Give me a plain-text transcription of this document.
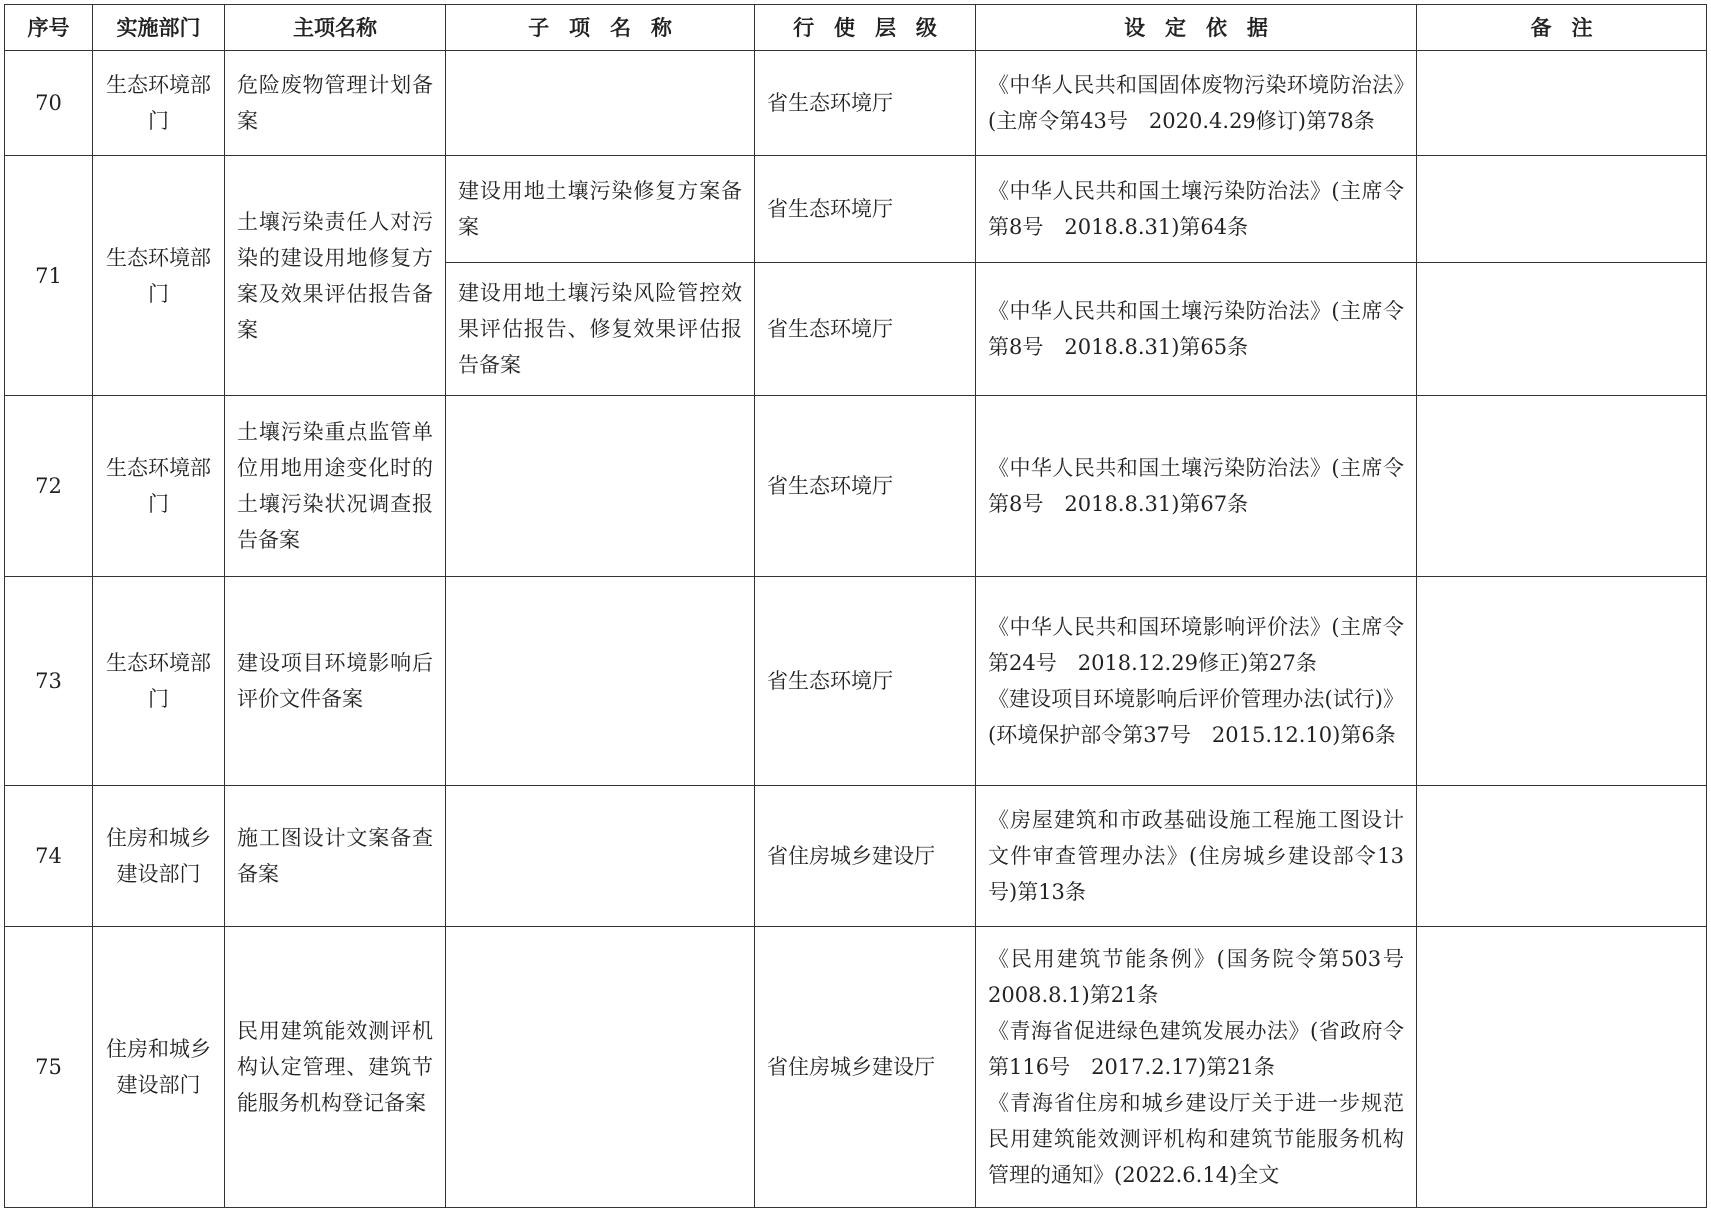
序号	实施部门	主项名称	子项名称	行使层级	设定依据	备注
70	生态环境部门	危险废物管理计划备案		省生态环境厅	《中华人民共和国固体废物污染环境防治法》(主席令第43号　2020.4.29修订)第78条	

71	生态环境部门	土壤污染责任人对污染的建设用地修复方案及效果评估报告备案	建设用地土壤污染修复方案备案	省生态环境厅	《中华人民共和国土壤污染防治法》(主席令第8号　2018.8.31)第64条	

			建设用地土壤污染风险管控效果评估报告、修复效果评估报告备案	省生态环境厅	《中华人民共和国土壤污染防治法》(主席令第8号　2018.8.31)第65条	

72	生态环境部门	土壤污染重点监管单位用地用途变化时的土壤污染状况调查报告备案		省生态环境厅	《中华人民共和国土壤污染防治法》(主席令第8号　2018.8.31)第67条	

73	生态环境部门	建设项目环境影响后评价文件备案		省生态环境厅	《中华人民共和国环境影响评价法》(主席令第24号　2018.12.29修正)第27条
《建设项目环境影响后评价管理办法(试行)》(环境保护部令第37号　2015.12.10)第6条	

74	住房和城乡建设部门	施工图设计文案备查备案		省住房城乡建设厅	《房屋建筑和市政基础设施工程施工图设计文件审查管理办法》(住房城乡建设部令13号)第13条	

75	住房和城乡建设部门	民用建筑能效测评机构认定管理、建筑节能服务机构登记备案		省住房城乡建设厅	《民用建筑节能条例》(国务院令第503号　2008.8.1)第21条
《青海省促进绿色建筑发展办法》(省政府令第116号　2017.2.17)第21条
《青海省住房和城乡建设厅关于进一步规范民用建筑能效测评机构和建筑节能服务机构管理的通知》(2022.6.14)全文	
